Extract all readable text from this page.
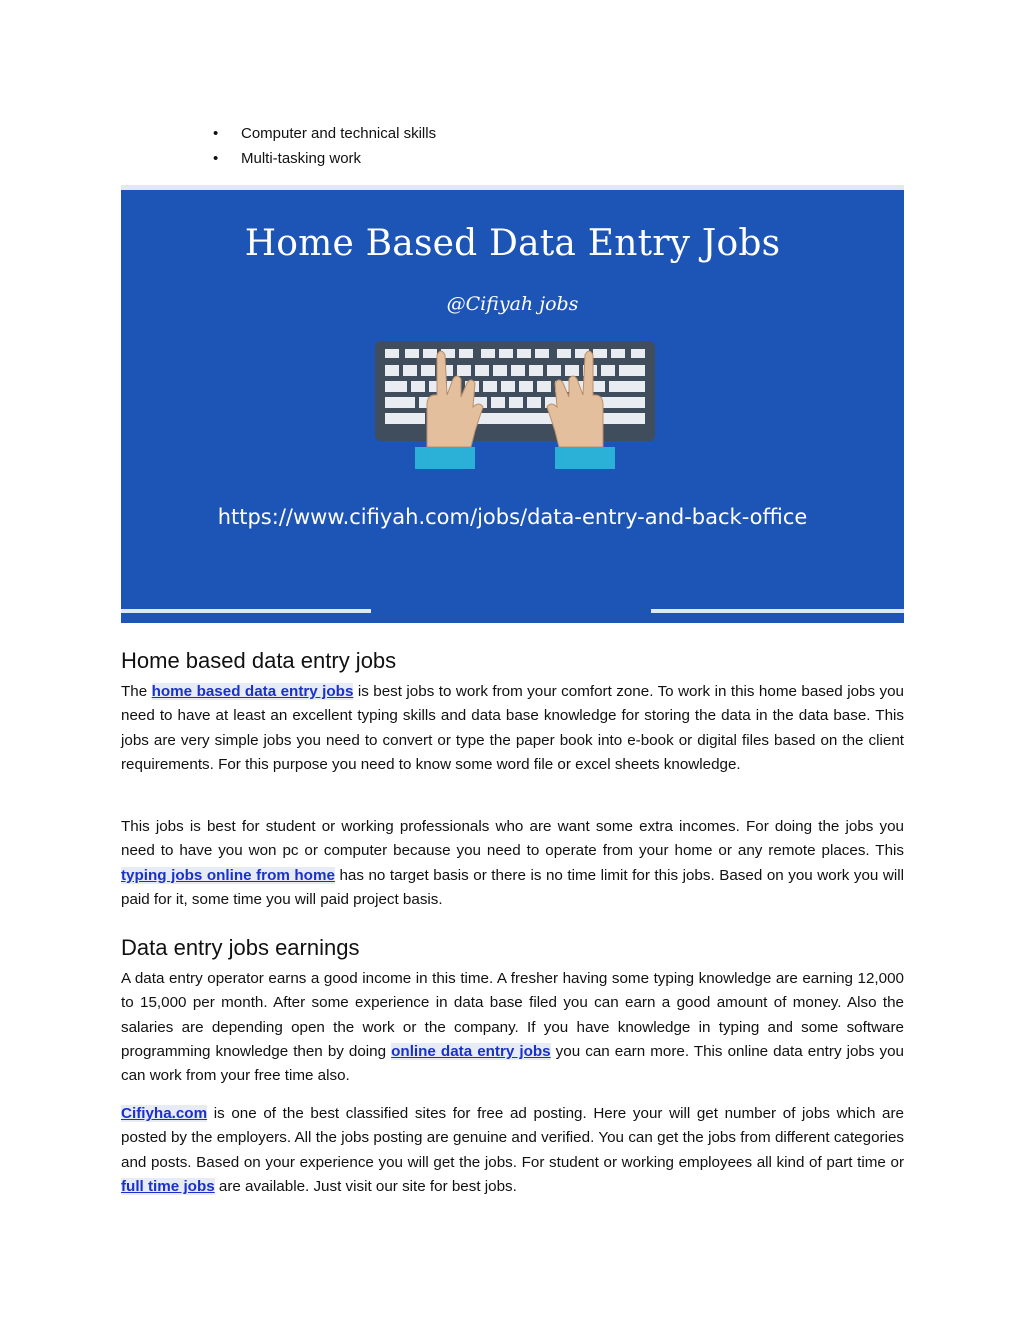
• Computer and technical skills
• Multi-tasking work
Home Based Data Entry Jobs
@Cifiyah jobs
https://www.cifiyah.com/jobs/data-entry-and-back-office
Home based data entry jobs

The home based data entry jobs is best jobs to work from your comfort zone. To work in this home based jobs you need to have at least an excellent typing skills and data base knowledge for storing the data in the data base. This jobs are very simple jobs you need to convert or type the paper book into e-book or digital files based on the client requirements. For this purpose you need to know some word file or excel sheets knowledge.

This jobs is best for student or working professionals who are want some extra incomes. For doing the jobs you need to have you won pc or computer because you need to operate from your home or any remote places. This typing jobs online from home has no target basis or there is no time limit for this jobs. Based on you work you will paid for it, some time you will paid project basis.

Data entry jobs earnings

A data entry operator earns a good income in this time. A fresher having some typing knowledge are earning 12,000 to 15,000 per month. After some experience in data base filed you can earn a good amount of money. Also the salaries are depending open the work or the company. If you have knowledge in typing and some software programming knowledge then by doing online data entry jobs you can earn more. This online data entry jobs you can work from your free time also.

Cifiyha.com is one of the best classified sites for free ad posting. Here your will get number of jobs which are posted by the employers. All the jobs posting are genuine and verified. You can get the jobs from different categories and posts. Based on your experience you will get the jobs. For student or working employees all kind of part time or full time jobs are available. Just visit our site for best jobs.
